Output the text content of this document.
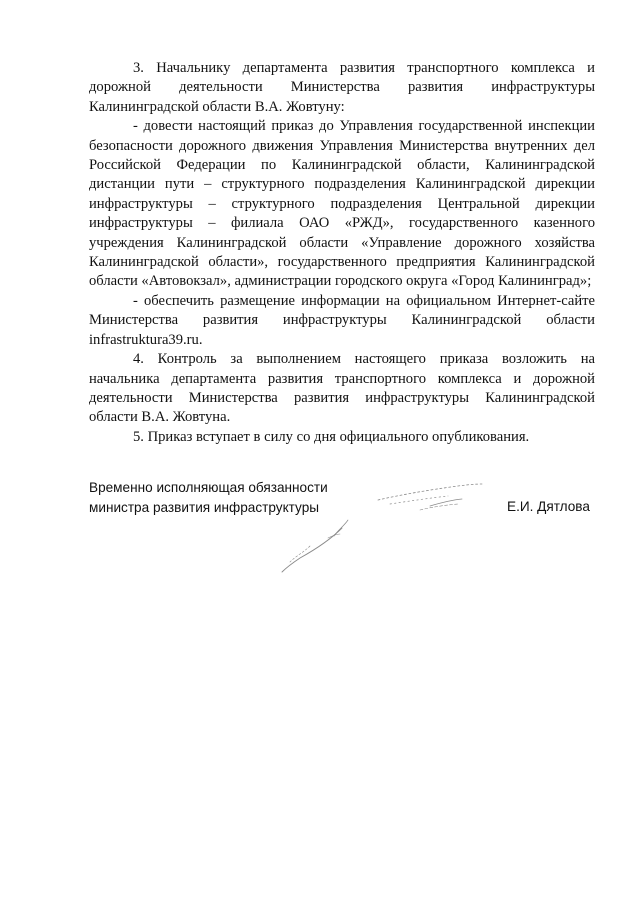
3. Начальнику департамента развития транспортного комплекса и дорожной деятельности Министерства развития инфраструктуры Калининградской области В.А. Жовтуну:

- довести настоящий приказ до Управления государственной инспекции безопасности дорожного движения Управления Министерства внутренних дел Российской Федерации по Калининградской области, Калининградской дистанции пути – структурного подразделения Калининградской дирекции инфраструктуры – структурного подразделения Центральной дирекции инфраструктуры – филиала ОАО «РЖД», государственного казенного учреждения Калининградской области «Управление дорожного хозяйства Калининградской области», государственного предприятия Калининградской области «Автовокзал», администрации городского округа «Город Калининград»;

- обеспечить размещение информации на официальном Интернет-сайте Министерства развития инфраструктуры Калининградской области infrastruktura39.ru.

4. Контроль за выполнением настоящего приказа возложить на начальника департамента развития транспортного комплекса и дорожной деятельности Министерства развития инфраструктуры Калининградской области В.А. Жовтуна.

5. Приказ вступает в силу со дня официального опубликования.

Временно исполняющая обязанности
министра развития инфраструктуры	Е.И. Дятлова
